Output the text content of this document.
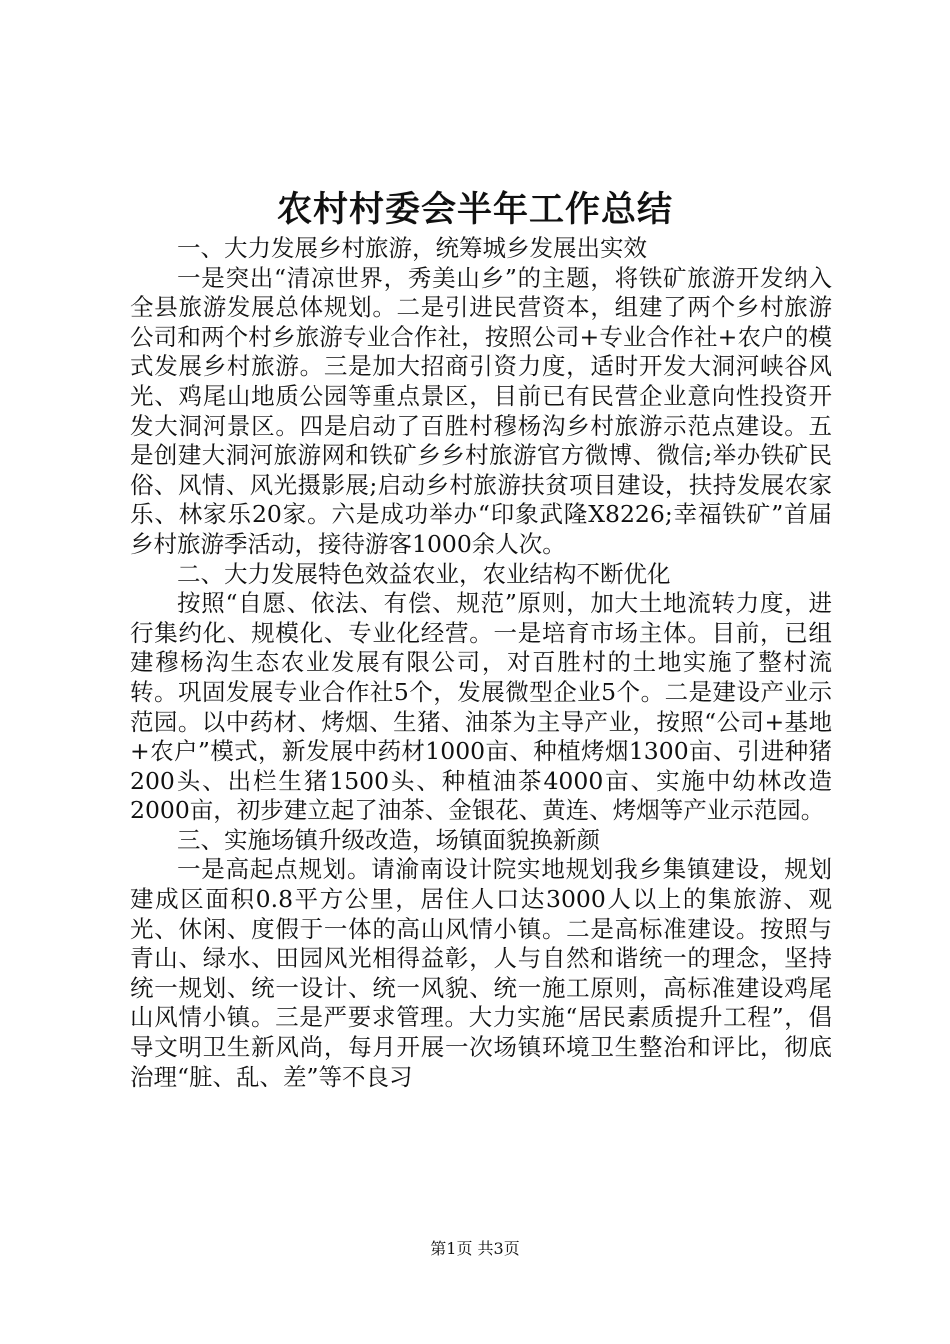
农村村委会半年工作总结

一、大力发展乡村旅游，统筹城乡发展出实效

一是突出“清凉世界，秀美山乡”的主题，将铁矿旅游开发纳入全县旅游发展总体规划。二是引进民营资本，组建了两个乡村旅游公司和两个村乡旅游专业合作社，按照公司+专业合作社+农户的模式发展乡村旅游。三是加大招商引资力度，适时开发大洞河峡谷风光、鸡尾山地质公园等重点景区，目前已有民营企业意向性投资开发大洞河景区。四是启动了百胜村穆杨沟乡村旅游示范点建设。五是创建大洞河旅游网和铁矿乡乡村旅游官方微博、微信;举办铁矿民俗、风情、风光摄影展;启动乡村旅游扶贫项目建设，扶持发展农家乐、林家乐20家。六是成功举办“印象武隆X8226;幸福铁矿”首届乡村旅游季活动，接待游客1000余人次。

二、大力发展特色效益农业，农业结构不断优化

按照“自愿、依法、有偿、规范”原则，加大土地流转力度，进行集约化、规模化、专业化经营。一是培育市场主体。目前，已组建穆杨沟生态农业发展有限公司，对百胜村的土地实施了整村流转。巩固发展专业合作社5个，发展微型企业5个。二是建设产业示范园。以中药材、烤烟、生猪、油茶为主导产业，按照“公司+基地+农户”模式，新发展中药材1000亩、种植烤烟1300亩、引进种猪200头、出栏生猪1500头、种植油茶4000亩、实施中幼林改造2000亩，初步建立起了油茶、金银花、黄连、烤烟等产业示范园。

三、实施场镇升级改造，场镇面貌换新颜

一是高起点规划。请渝南设计院实地规划我乡集镇建设，规划建成区面积0.8平方公里，居住人口达3000人以上的集旅游、观光、休闲、度假于一体的高山风情小镇。二是高标准建设。按照与青山、绿水、田园风光相得益彰，人与自然和谐统一的理念，坚持统一规划、统一设计、统一风貌、统一施工原则，高标准建设鸡尾山风情小镇。三是严要求管理。大力实施“居民素质提升工程”，倡导文明卫生新风尚，每月开展一次场镇环境卫生整治和评比，彻底治理“脏、乱、差”等不良习

第1页 共3页
